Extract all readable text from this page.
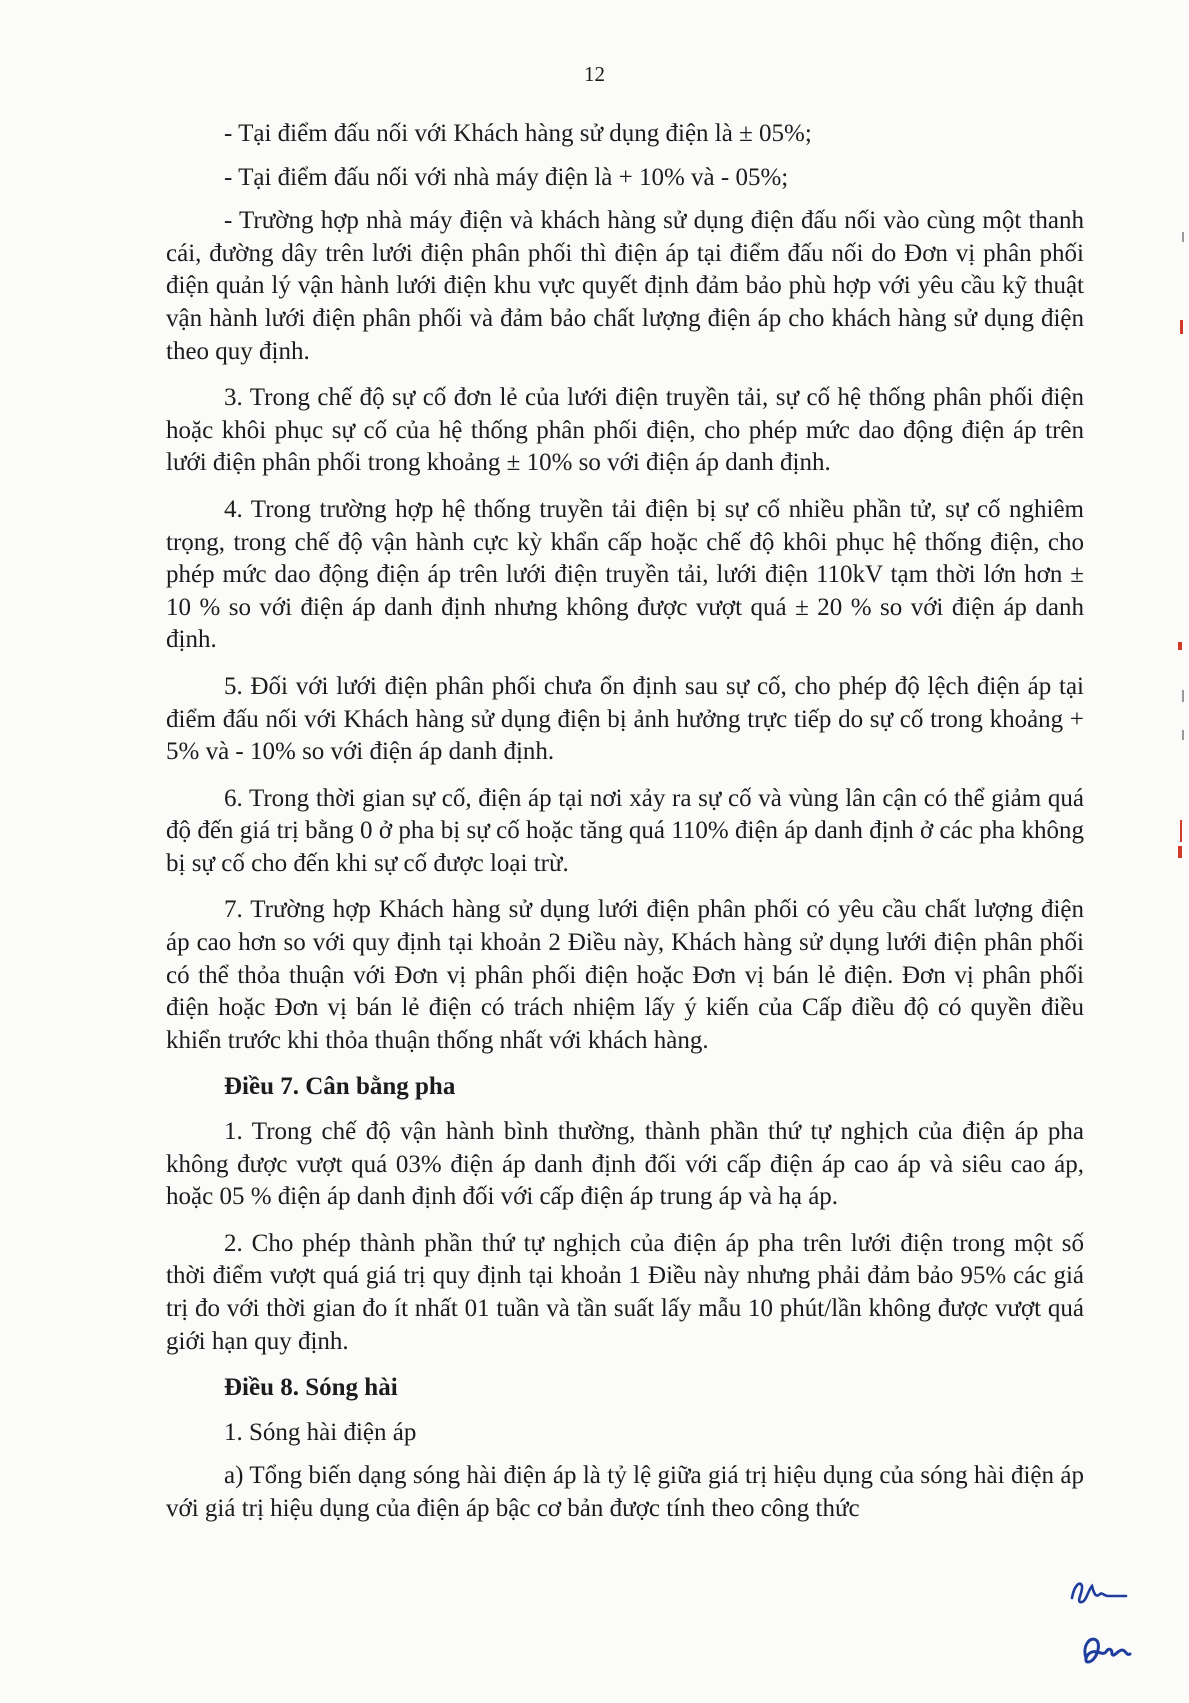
12

- Tại điểm đấu nối với Khách hàng sử dụng điện là ± 05%;

- Tại điểm đấu nối với nhà máy điện là + 10% và - 05%;

- Trường hợp nhà máy điện và khách hàng sử dụng điện đấu nối vào cùng một thanh cái, đường dây trên lưới điện phân phối thì điện áp tại điểm đấu nối do Đơn vị phân phối điện quản lý vận hành lưới điện khu vực quyết định đảm bảo phù hợp với yêu cầu kỹ thuật vận hành lưới điện phân phối và đảm bảo chất lượng điện áp cho khách hàng sử dụng điện theo quy định.

3. Trong chế độ sự cố đơn lẻ của lưới điện truyền tải, sự cố hệ thống phân phối điện hoặc khôi phục sự cố của hệ thống phân phối điện, cho phép mức dao động điện áp trên lưới điện phân phối trong khoảng ± 10% so với điện áp danh định.

4. Trong trường hợp hệ thống truyền tải điện bị sự cố nhiều phần tử, sự cố nghiêm trọng, trong chế độ vận hành cực kỳ khẩn cấp hoặc chế độ khôi phục hệ thống điện, cho phép mức dao động điện áp trên lưới điện truyền tải, lưới điện 110kV tạm thời lớn hơn ± 10 % so với điện áp danh định nhưng không được vượt quá ± 20 % so với điện áp danh định.

5. Đối với lưới điện phân phối chưa ổn định sau sự cố, cho phép độ lệch điện áp tại điểm đấu nối với Khách hàng sử dụng điện bị ảnh hưởng trực tiếp do sự cố trong khoảng + 5% và - 10% so với điện áp danh định.

6. Trong thời gian sự cố, điện áp tại nơi xảy ra sự cố và vùng lân cận có thể giảm quá độ đến giá trị bằng 0 ở pha bị sự cố hoặc tăng quá 110% điện áp danh định ở các pha không bị sự cố cho đến khi sự cố được loại trừ.

7. Trường hợp Khách hàng sử dụng lưới điện phân phối có yêu cầu chất lượng điện áp cao hơn so với quy định tại khoản 2 Điều này, Khách hàng sử dụng lưới điện phân phối có thể thỏa thuận với Đơn vị phân phối điện hoặc Đơn vị bán lẻ điện. Đơn vị phân phối điện hoặc Đơn vị bán lẻ điện có trách nhiệm lấy ý kiến của Cấp điều độ có quyền điều khiển trước khi thỏa thuận thống nhất với khách hàng.

Điều 7. Cân bằng pha

1. Trong chế độ vận hành bình thường, thành phần thứ tự nghịch của điện áp pha không được vượt quá 03% điện áp danh định đối với cấp điện áp cao áp và siêu cao áp, hoặc 05 % điện áp danh định đối với cấp điện áp trung áp và hạ áp.

2. Cho phép thành phần thứ tự nghịch của điện áp pha trên lưới điện trong một số thời điểm vượt quá giá trị quy định tại khoản 1 Điều này nhưng phải đảm bảo 95% các giá trị đo với thời gian đo ít nhất 01 tuần và tần suất lấy mẫu 10 phút/lần không được vượt quá giới hạn quy định.

Điều 8. Sóng hài

1. Sóng hài điện áp

a) Tổng biến dạng sóng hài điện áp là tỷ lệ giữa giá trị hiệu dụng của sóng hài điện áp với giá trị hiệu dụng của điện áp bậc cơ bản được tính theo công thức
